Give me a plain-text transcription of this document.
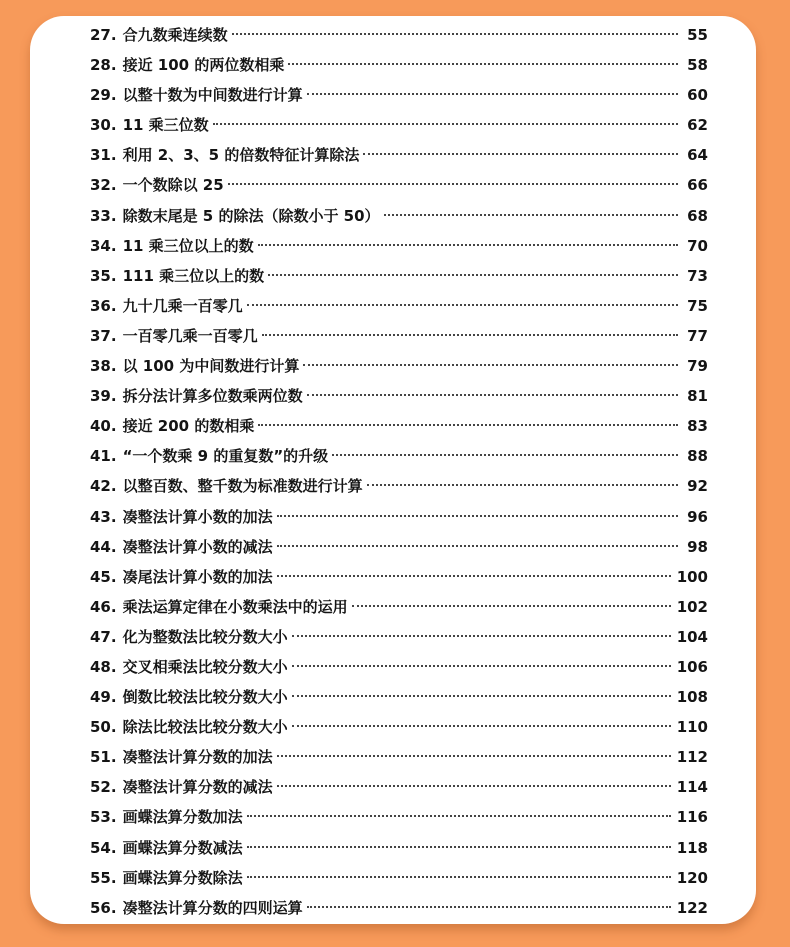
27. 合九数乘连续数	55
28. 接近 100 的两位数相乘	58
29. 以整十数为中间数进行计算	60
30. 11 乘三位数	62
31. 利用 2、3、5 的倍数特征计算除法	64
32. 一个数除以 25	66
33. 除数末尾是 5 的除法（除数小于 50）	68
34. 11 乘三位以上的数	70
35. 111 乘三位以上的数	73
36. 九十几乘一百零几	75
37. 一百零几乘一百零几	77
38. 以 100 为中间数进行计算	79
39. 拆分法计算多位数乘两位数	81
40. 接近 200 的数相乘	83
41. “一个数乘 9 的重复数”的升级	88
42. 以整百数、整千数为标准数进行计算	92
43. 凑整法计算小数的加法	96
44. 凑整法计算小数的减法	98
45. 凑尾法计算小数的加法	100
46. 乘法运算定律在小数乘法中的运用	102
47. 化为整数法比较分数大小	104
48. 交叉相乘法比较分数大小	106
49. 倒数比较法比较分数大小	108
50. 除法比较法比较分数大小	110
51. 凑整法计算分数的加法	112
52. 凑整法计算分数的减法	114
53. 画蝶法算分数加法	116
54. 画蝶法算分数减法	118
55. 画蝶法算分数除法	120
56. 凑整法计算分数的四则运算	122
